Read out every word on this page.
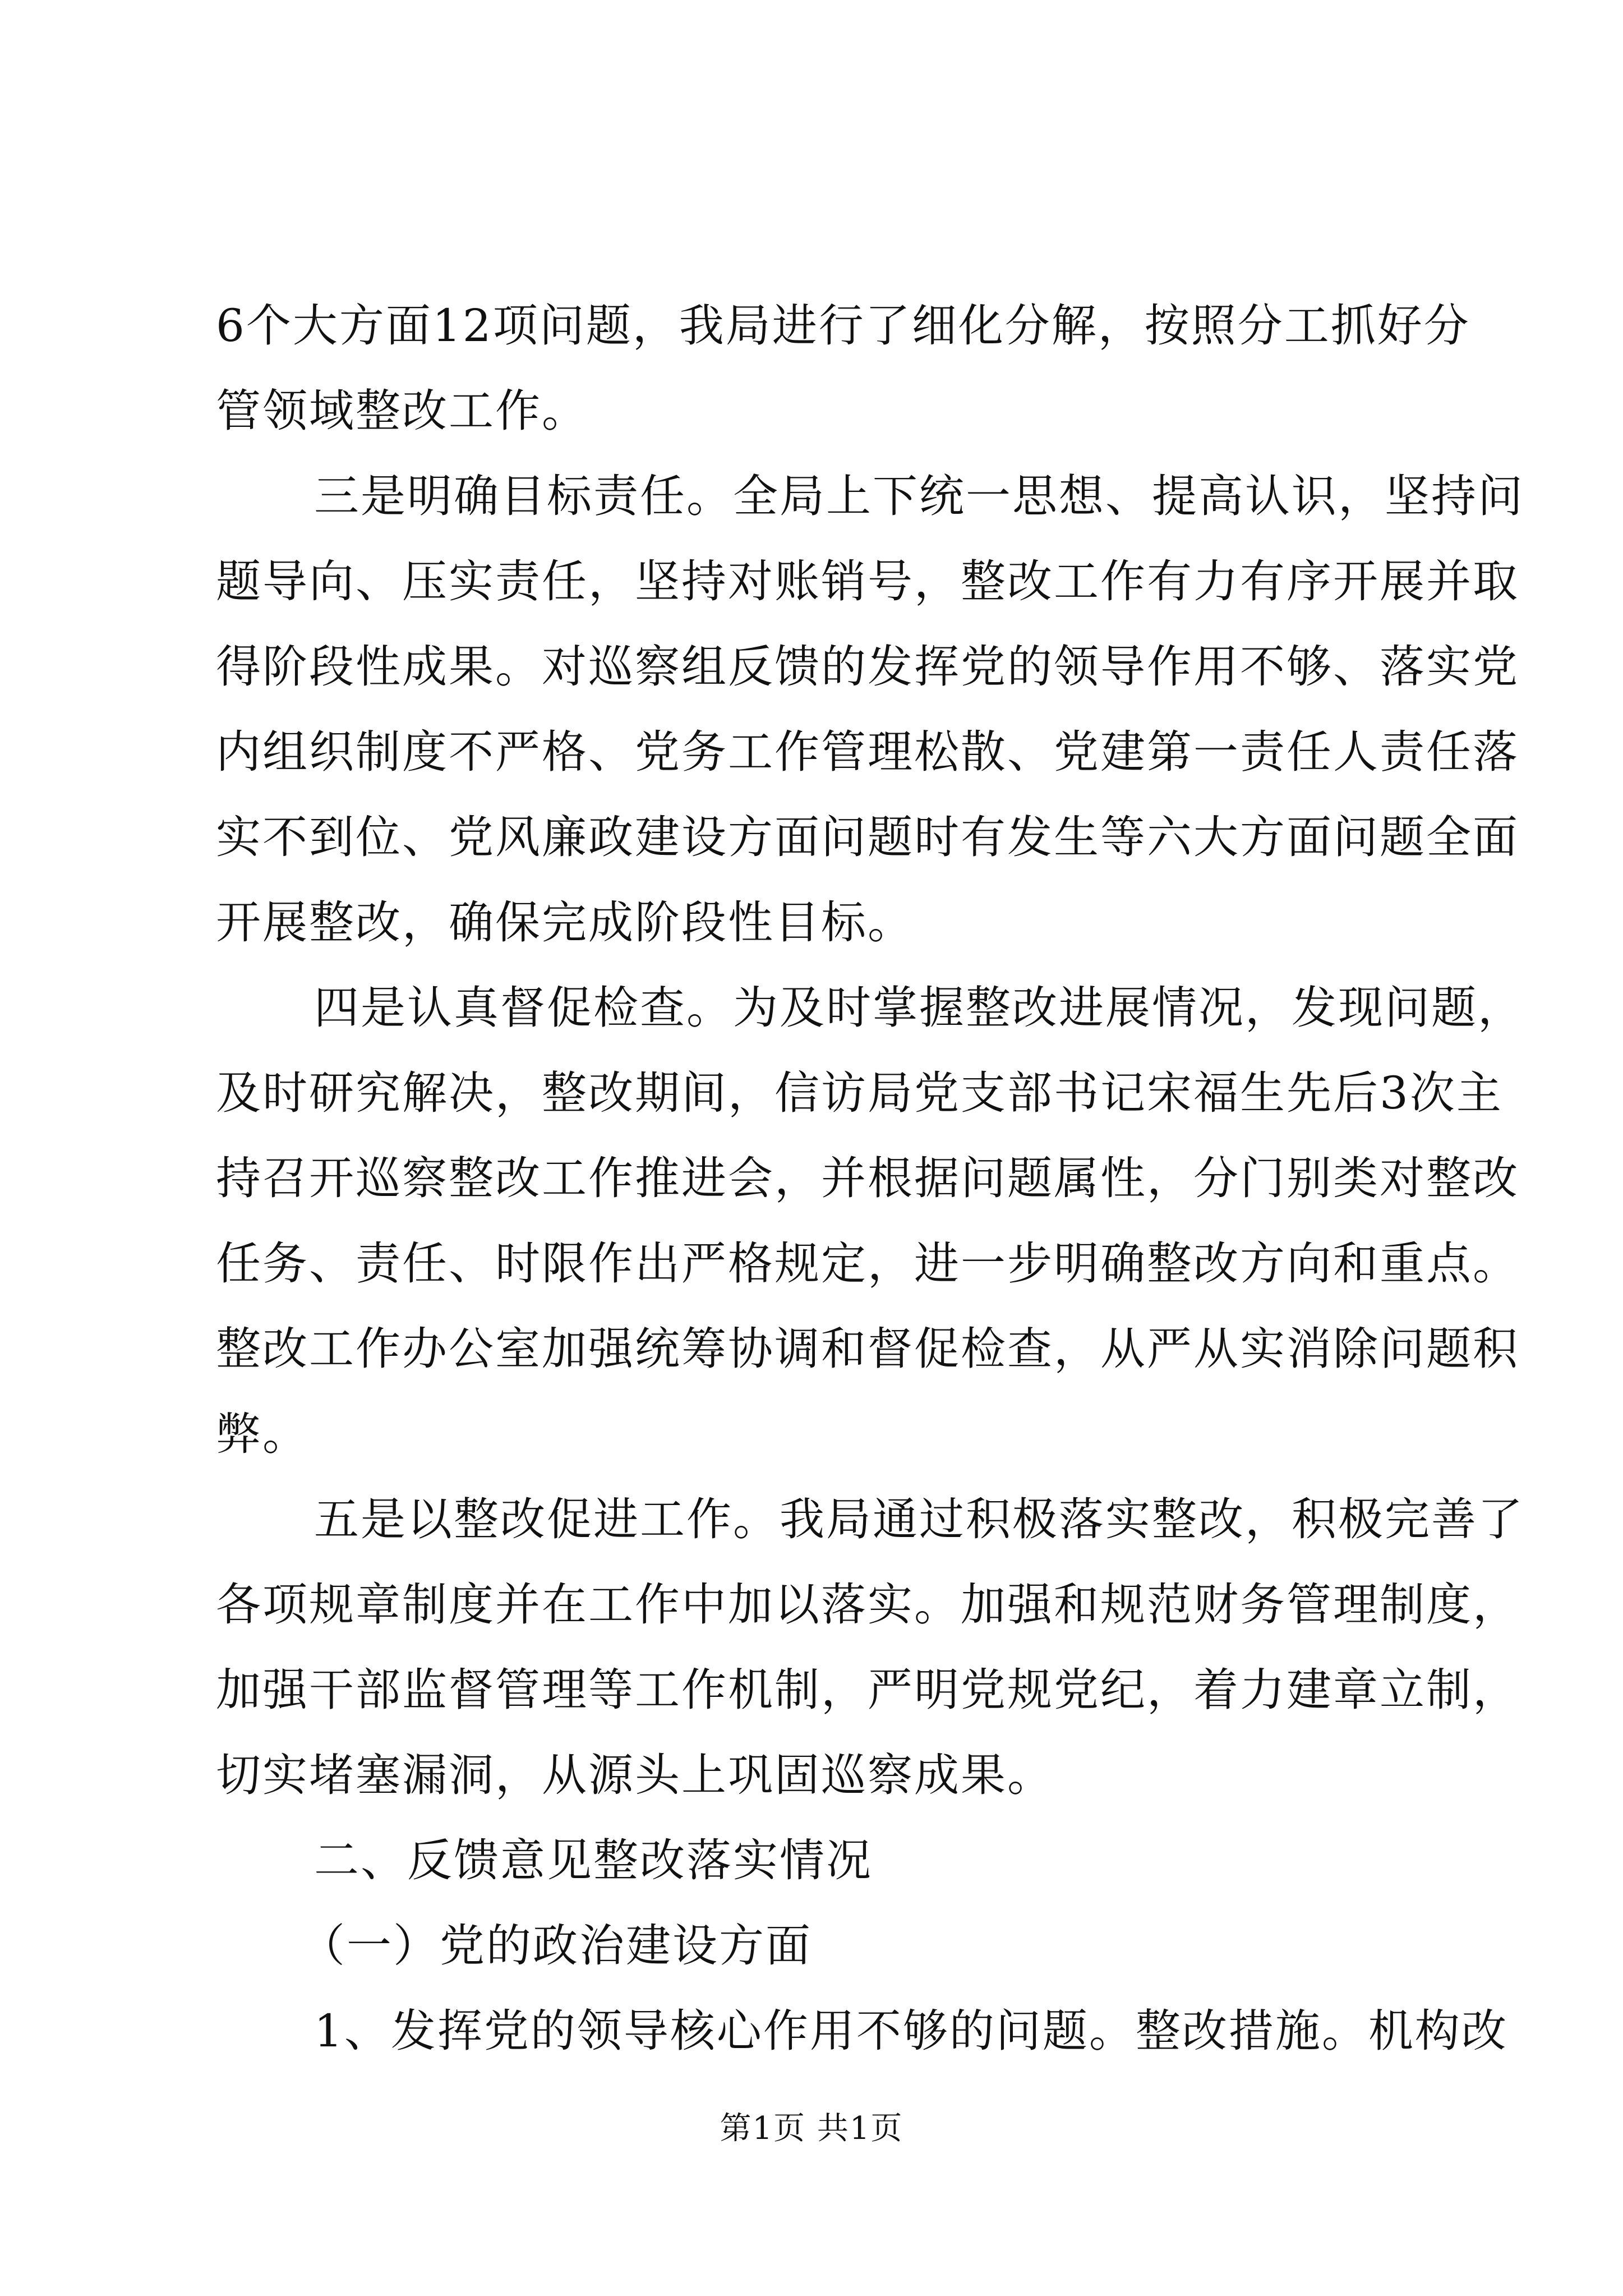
6个大方面12项问题，我局进行了细化分解，按照分工抓好分
管领域整改工作。
三是明确目标责任。全局上下统一思想、提高认识，坚持问
题导向、压实责任，坚持对账销号，整改工作有力有序开展并取
得阶段性成果。对巡察组反馈的发挥党的领导作用不够、落实党
内组织制度不严格、党务工作管理松散、党建第一责任人责任落
实不到位、党风廉政建设方面问题时有发生等六大方面问题全面
开展整改，确保完成阶段性目标。
四是认真督促检查。为及时掌握整改进展情况，发现问题，
及时研究解决，整改期间，信访局党支部书记宋福生先后3次主
持召开巡察整改工作推进会，并根据问题属性，分门别类对整改
任务、责任、时限作出严格规定，进一步明确整改方向和重点。
整改工作办公室加强统筹协调和督促检查，从严从实消除问题积
弊。
五是以整改促进工作。我局通过积极落实整改，积极完善了
各项规章制度并在工作中加以落实。加强和规范财务管理制度，
加强干部监督管理等工作机制，严明党规党纪，着力建章立制，
切实堵塞漏洞，从源头上巩固巡察成果。
二、反馈意见整改落实情况
（一）党的政治建设方面
1、发挥党的领导核心作用不够的问题。整改措施。机构改
第1页 共1页
